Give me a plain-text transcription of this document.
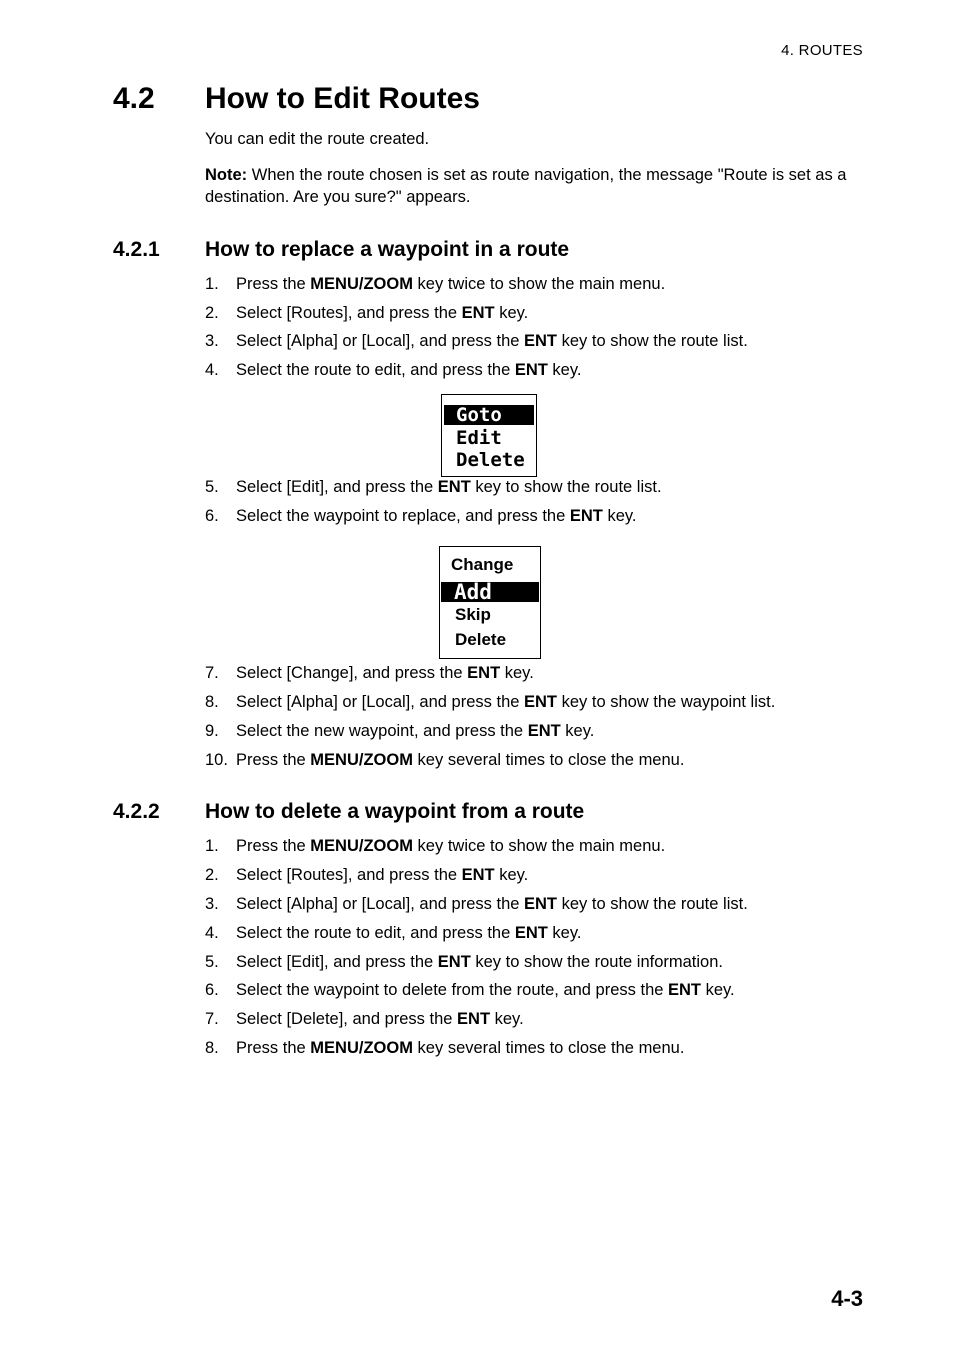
4. ROUTES
4.2 How to Edit Routes
You can edit the route created.
Note: When the route chosen is set as route navigation, the message "Route is set as a destination. Are you sure?" appears.
4.2.1 How to replace a waypoint in a route
1. Press the MENU/ZOOM key twice to show the main menu.
2. Select [Routes], and press the ENT key.
3. Select [Alpha] or [Local], and press the ENT key to show the route list.
4. Select the route to edit, and press the ENT key.
5. Select [Edit], and press the ENT key to show the route list.
6. Select the waypoint to replace, and press the ENT key.
7. Select [Change], and press the ENT key.
8. Select [Alpha] or [Local], and press the ENT key to show the waypoint list.
9. Select the new waypoint, and press the ENT key.
10. Press the MENU/ZOOM key several times to close the menu.
Goto
Edit
Delete
Change
Add
Skip
Delete
4.2.2 How to delete a waypoint from a route
1. Press the MENU/ZOOM key twice to show the main menu.
2. Select [Routes], and press the ENT key.
3. Select [Alpha] or [Local], and press the ENT key to show the route list.
4. Select the route to edit, and press the ENT key.
5. Select [Edit], and press the ENT key to show the route information.
6. Select the waypoint to delete from the route, and press the ENT key.
7. Select [Delete], and press the ENT key.
8. Press the MENU/ZOOM key several times to close the menu.
4-3
